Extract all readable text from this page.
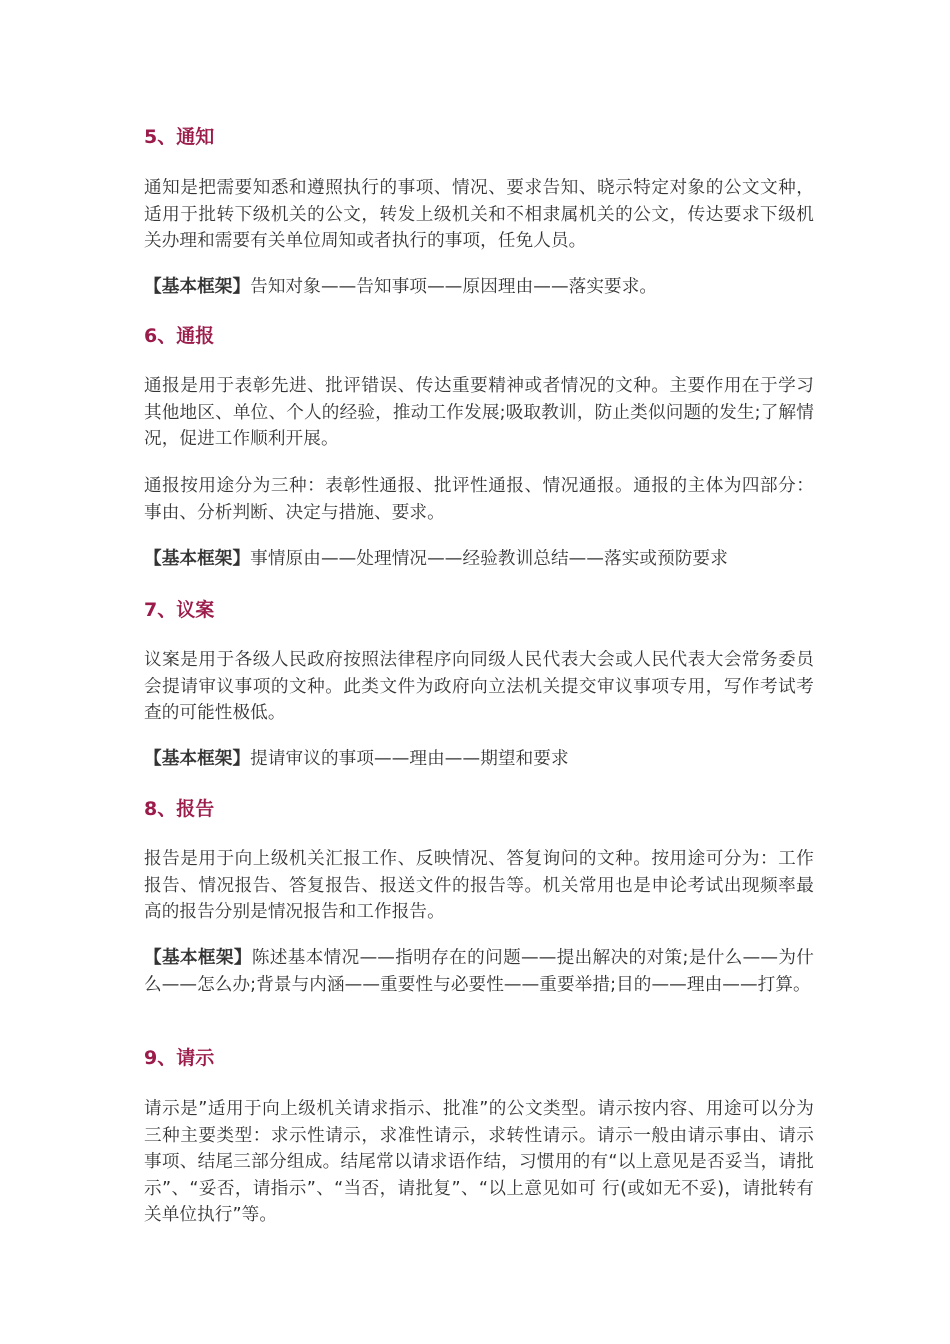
5、通知
通知是把需要知悉和遵照执行的事项、情况、要求告知、晓示特定对象的公文文种，适用于批转下级机关的公文，转发上级机关和不相隶属机关的公文，传达要求下级机关办理和需要有关单位周知或者执行的事项，任免人员。
【基本框架】告知对象——告知事项——原因理由——落实要求。
6、通报
通报是用于表彰先进、批评错误、传达重要精神或者情况的文种。主要作用在于学习其他地区、单位、个人的经验，推动工作发展;吸取教训，防止类似问题的发生;了解情况，促进工作顺利开展。
通报按用途分为三种：表彰性通报、批评性通报、情况通报。通报的主体为四部分：事由、分析判断、决定与措施、要求。
【基本框架】事情原由——处理情况——经验教训总结——落实或预防要求
7、议案
议案是用于各级人民政府按照法律程序向同级人民代表大会或人民代表大会常务委员会提请审议事项的文种。此类文件为政府向立法机关提交审议事项专用，写作考试考查的可能性极低。
【基本框架】提请审议的事项——理由——期望和要求
8、报告
报告是用于向上级机关汇报工作、反映情况、答复询问的文种。按用途可分为：工作报告、情况报告、答复报告、报送文件的报告等。机关常用也是申论考试出现频率最高的报告分别是情况报告和工作报告。
【基本框架】陈述基本情况——指明存在的问题——提出解决的对策;是什么——为什么——怎么办;背景与内涵——重要性与必要性——重要举措;目的——理由——打算。
9、请示
请示是”适用于向上级机关请求指示、批准”的公文类型。请示按内容、用途可以分为三种主要类型：求示性请示，求准性请示，求转性请示。请示一般由请示事由、请示事项、结尾三部分组成。结尾常以请求语作结，习惯用的有“以上意见是否妥当，请批示”、“妥否，请指示”、“当否，请批复”、“以上意见如可 行(或如无不妥)，请批转有关单位执行”等。
